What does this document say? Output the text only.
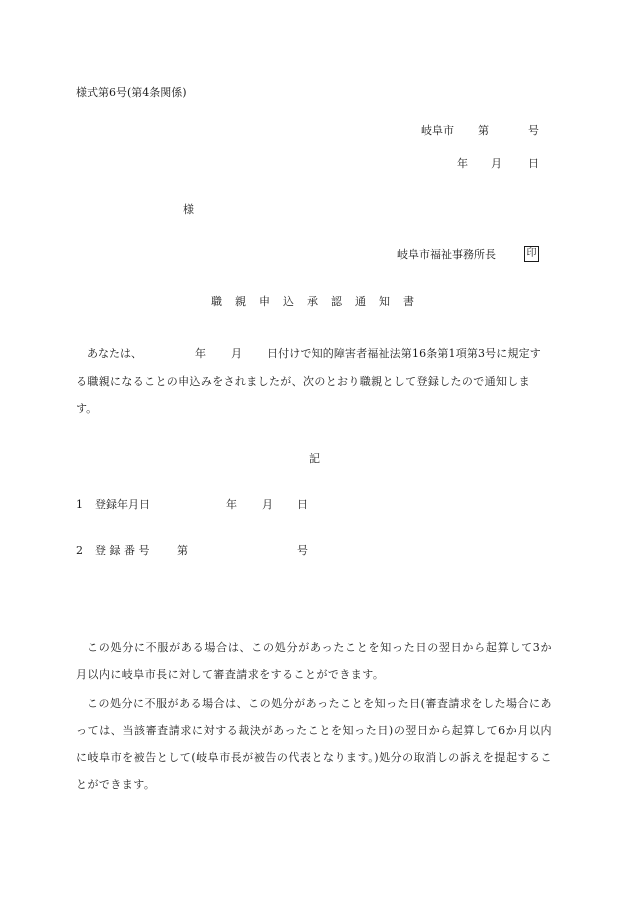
様式第6号(第4条関係)
岐阜市 第	号
年 月 日
様
岐阜市福祉事務所長	印
職 親 申 込 承 認 通 知 書
あなたは、	年 月 日付けで知的障害者福祉法第16条第1項第3号に規定す
る職親になることの申込みをされましたが、次のとおり職親として登録したので通知しま
す。
記
1 登録年月日	年 月 日
2 登 録 番 号	第	号
この処分に不服がある場合は、この処分があったことを知った日の翌日から起算して3か月以内に岐阜市長に対して審査請求をすることができます。
この処分に不服がある場合は、この処分があったことを知った日(審査請求をした場合にあっては、当該審査請求に対する裁決があったことを知った日)の翌日から起算して6か月以内に岐阜市を被告として(岐阜市長が被告の代表となります。)処分の取消しの訴えを提起することができます。
